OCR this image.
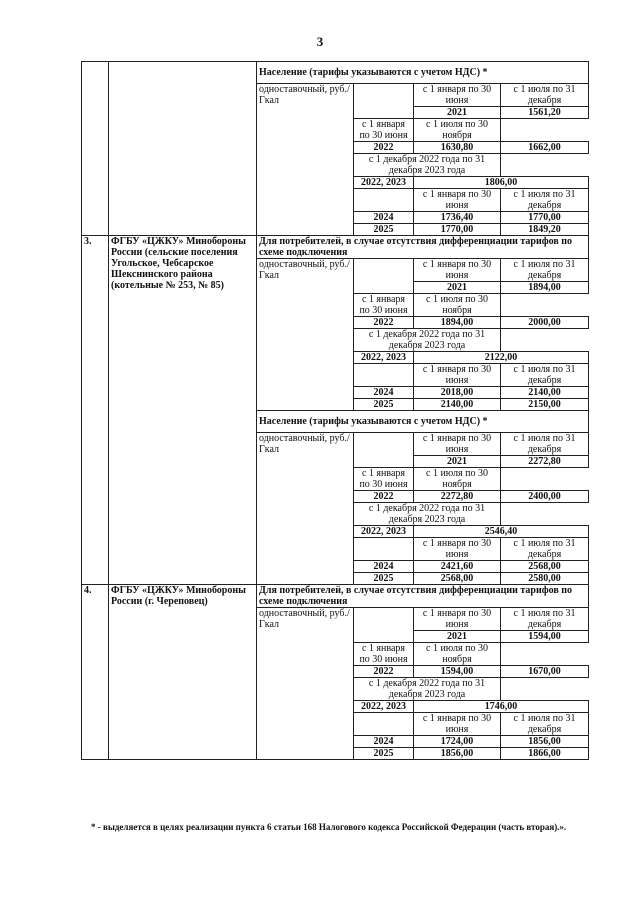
3
		Население (тарифы указываются с учетом НДС) *				
		одноставочный, руб./Гкал		с 1 января по 30 июня	с 1 июля по 31 декабря	
				2021	1561,20	
			с 1 января по 30 июня	с 1 июля по 30 ноября		
			2022	1630,80	1662,00	
			с 1 декабря 2022 года по 31 декабря 2023 года			
			2022, 2023	1806,00		
				с 1 января по 30 июня	с 1 июля по 31 декабря	
			2024	1736,40	1770,00	
			2025	1770,00	1849,20	
3.	ФГБУ «ЦЖКУ» Минобороны России (сельские поселения Угольское, Чебсарское Шекснинского района (котельные № 253, № 85)	Для потребителей, в случае отсутствия дифференциации тарифов по схеме подключения				
		одноставочный, руб./Гкал		с 1 января по 30 июня	с 1 июля по 31 декабря	
				2021	1894,00	
			с 1 января по 30 июня	с 1 июля по 30 ноября		
			2022	1894,00	2000,00	
			с 1 декабря 2022 года по 31 декабря 2023 года			
			2022, 2023	2122,00		
				с 1 января по 30 июня	с 1 июля по 31 декабря	
			2024	2018,00	2140,00	
			2025	2140,00	2150,00	
		Население (тарифы указываются с учетом НДС) *				
		одноставочный, руб./Гкал		с 1 января по 30 июня	с 1 июля по 31 декабря	
				2021	2272,80	
			с 1 января по 30 июня	с 1 июля по 30 ноября		
			2022	2272,80	2400,00	
			с 1 декабря 2022 года по 31 декабря 2023 года			
			2022, 2023	2546,40		
				с 1 января по 30 июня	с 1 июля по 31 декабря	
			2024	2421,60	2568,00	
			2025	2568,00	2580,00	
4.	ФГБУ «ЦЖКУ» Минобороны России (г. Череповец)	Для потребителей, в случае отсутствия дифференциации тарифов по схеме подключения				
		одноставочный, руб./Гкал		с 1 января по 30 июня	с 1 июля по 31 декабря	
				2021	1594,00	
			с 1 января по 30 июня	с 1 июля по 30 ноября		
			2022	1594,00	1670,00	
			с 1 декабря 2022 года по 31 декабря 2023 года			
			2022, 2023	1746,00		
				с 1 января по 30 июня	с 1 июля по 31 декабря	
			2024	1724,00	1856,00	
			2025	1856,00	1866,00	
* - выделяется в целях реализации пункта 6 статьи 168 Налогового кодекса Российской Федерации (часть вторая).».
